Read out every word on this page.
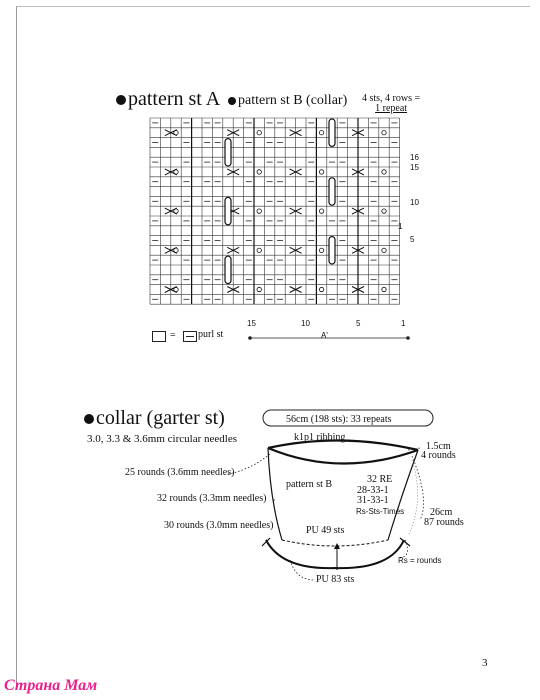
pattern st A	pattern st B (collar) 4 sts, 4 rows =
1 repeat
16
15
10
1
5
15	10	5	1
= purl st	A'
collar (garter st)
3.0, 3.3 & 3.6mm circular needles
56cm (198 sts): 33 repeats
k1p1 ribbing
1.5cm
4 rounds
25 rounds (3.6mm needles)
32 rounds (3.3mm needles)
30 rounds (3.0mm needles)
pattern st B	32 RE
28-33-1
31-33-1
Rs-Sts-Times	26cm
87 rounds
PU 49 sts
Rs = rounds
PU 83 sts
3
Страна Мам
